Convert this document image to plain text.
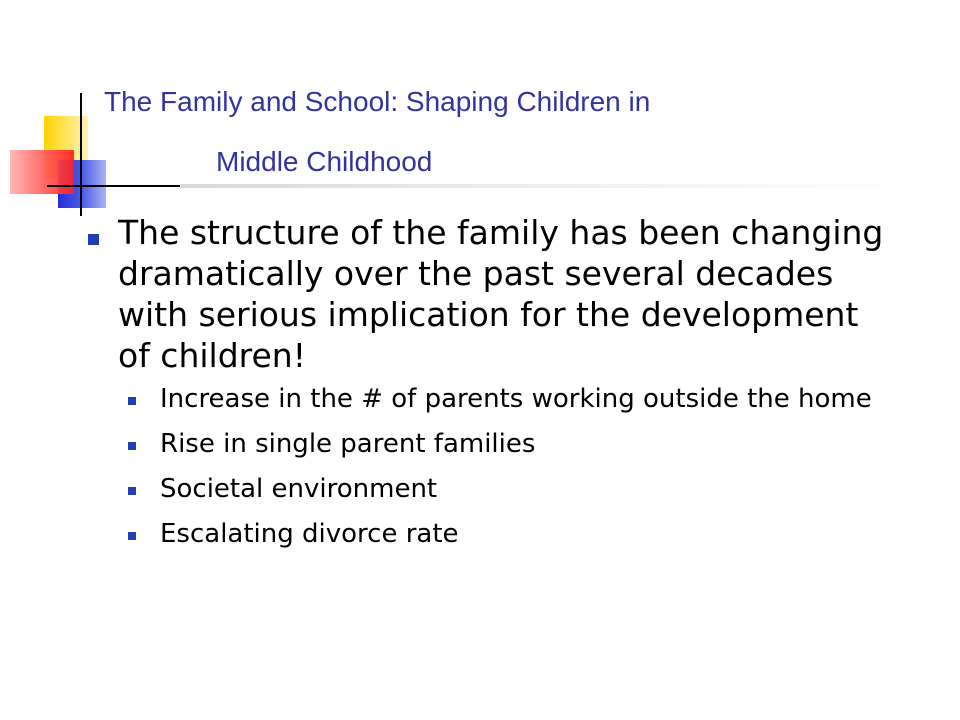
The Family and School: Shaping Children in
Middle Childhood

The structure of the family has been changing dramatically over the past several decades with serious implication for the development of children!

Increase in the # of parents working outside the home

Rise in single parent families

Societal environment

Escalating divorce rate
